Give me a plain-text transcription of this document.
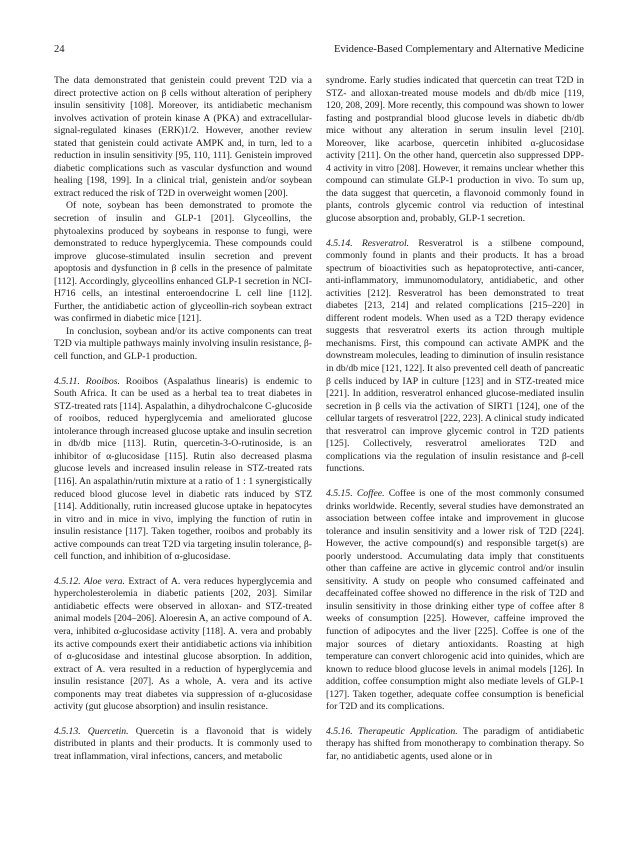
24	Evidence-Based Complementary and Alternative Medicine

The data demonstrated that genistein could prevent T2D via a direct protective action on β cells without alteration of periphery insulin sensitivity [108]. Moreover, its antidiabetic mechanism involves activation of protein kinase A (PKA) and extracellular-signal-regulated kinases (ERK)1/2. However, another review stated that genistein could activate AMPK and, in turn, led to a reduction in insulin sensitivity [95, 110, 111]. Genistein improved diabetic complications such as vascular dysfunction and wound healing [198, 199]. In a clinical trial, genistein and/or soybean extract reduced the risk of T2D in overweight women [200].

Of note, soybean has been demonstrated to promote the secretion of insulin and GLP-1 [201]. Glyceollins, the phytoalexins produced by soybeans in response to fungi, were demonstrated to reduce hyperglycemia. These compounds could improve glucose-stimulated insulin secretion and prevent apoptosis and dysfunction in β cells in the presence of palmitate [112]. Accordingly, glyceollins enhanced GLP-1 secretion in NCI-H716 cells, an intestinal enteroendocrine L cell line [112]. Further, the antidiabetic action of glyceollin-rich soybean extract was confirmed in diabetic mice [121].

In conclusion, soybean and/or its active components can treat T2D via multiple pathways mainly involving insulin resistance, β-cell function, and GLP-1 production.

4.5.11. Rooibos. Rooibos (Aspalathus linearis) is endemic to South Africa. It can be used as a herbal tea to treat diabetes in STZ-treated rats [114]. Aspalathin, a dihydrochalcone C-glucoside of rooibos, reduced hyperglycemia and ameliorated glucose intolerance through increased glucose uptake and insulin secretion in db/db mice [113]. Rutin, quercetin-3-O-rutinoside, is an inhibitor of α-glucosidase [115]. Rutin also decreased plasma glucose levels and increased insulin release in STZ-treated rats [116]. An aspalathin/rutin mixture at a ratio of 1 : 1 synergistically reduced blood glucose level in diabetic rats induced by STZ [114]. Additionally, rutin increased glucose uptake in hepatocytes in vitro and in mice in vivo, implying the function of rutin in insulin resistance [117]. Taken together, rooibos and probably its active compounds can treat T2D via targeting insulin tolerance, β-cell function, and inhibition of α-glucosidase.

4.5.12. Aloe vera. Extract of A. vera reduces hyperglycemia and hypercholesterolemia in diabetic patients [202, 203]. Similar antidiabetic effects were observed in alloxan- and STZ-treated animal models [204–206]. Aloeresin A, an active compound of A. vera, inhibited α-glucosidase activity [118]. A. vera and probably its active compounds exert their antidiabetic actions via inhibition of α-glucosidase and intestinal glucose absorption. In addition, extract of A. vera resulted in a reduction of hyperglycemia and insulin resistance [207]. As a whole, A. vera and its active components may treat diabetes via suppression of α-glucosidase activity (gut glucose absorption) and insulin resistance.

4.5.13. Quercetin. Quercetin is a flavonoid that is widely distributed in plants and their products. It is commonly used to treat inflammation, viral infections, cancers, and metabolic

syndrome. Early studies indicated that quercetin can treat T2D in STZ- and alloxan-treated mouse models and db/db mice [119, 120, 208, 209]. More recently, this compound was shown to lower fasting and postprandial blood glucose levels in diabetic db/db mice without any alteration in serum insulin level [210]. Moreover, like acarbose, quercetin inhibited α-glucosidase activity [211]. On the other hand, quercetin also suppressed DPP-4 activity in vitro [208]. However, it remains unclear whether this compound can stimulate GLP-1 production in vivo. To sum up, the data suggest that quercetin, a flavonoid commonly found in plants, controls glycemic control via reduction of intestinal glucose absorption and, probably, GLP-1 secretion.

4.5.14. Resveratrol. Resveratrol is a stilbene compound, commonly found in plants and their products. It has a broad spectrum of bioactivities such as hepatoprotective, anti-cancer, anti-inflammatory, immunomodulatory, antidiabetic, and other activities [212]. Resveratrol has been demonstrated to treat diabetes [213, 214] and related complications [215–220] in different rodent models. When used as a T2D therapy evidence suggests that resveratrol exerts its action through multiple mechanisms. First, this compound can activate AMPK and the downstream molecules, leading to diminution of insulin resistance in db/db mice [121, 122]. It also prevented cell death of pancreatic β cells induced by IAP in culture [123] and in STZ-treated mice [221]. In addition, resveratrol enhanced glucose-mediated insulin secretion in β cells via the activation of SIRT1 [124], one of the cellular targets of resveratrol [222, 223]. A clinical study indicated that resveratrol can improve glycemic control in T2D patients [125]. Collectively, resveratrol ameliorates T2D and complications via the regulation of insulin resistance and β-cell functions.

4.5.15. Coffee. Coffee is one of the most commonly consumed drinks worldwide. Recently, several studies have demonstrated an association between coffee intake and improvement in glucose tolerance and insulin sensitivity and a lower risk of T2D [224]. However, the active compound(s) and responsible target(s) are poorly understood. Accumulating data imply that constituents other than caffeine are active in glycemic control and/or insulin sensitivity. A study on people who consumed caffeinated and decaffeinated coffee showed no difference in the risk of T2D and insulin sensitivity in those drinking either type of coffee after 8 weeks of consumption [225]. However, caffeine improved the function of adipocytes and the liver [225]. Coffee is one of the major sources of dietary antioxidants. Roasting at high temperature can convert chlorogenic acid into quinides, which are known to reduce blood glucose levels in animal models [126]. In addition, coffee consumption might also mediate levels of GLP-1 [127]. Taken together, adequate coffee consumption is beneficial for T2D and its complications.

4.5.16. Therapeutic Application. The paradigm of antidiabetic therapy has shifted from monotherapy to combination therapy. So far, no antidiabetic agents, used alone or in
